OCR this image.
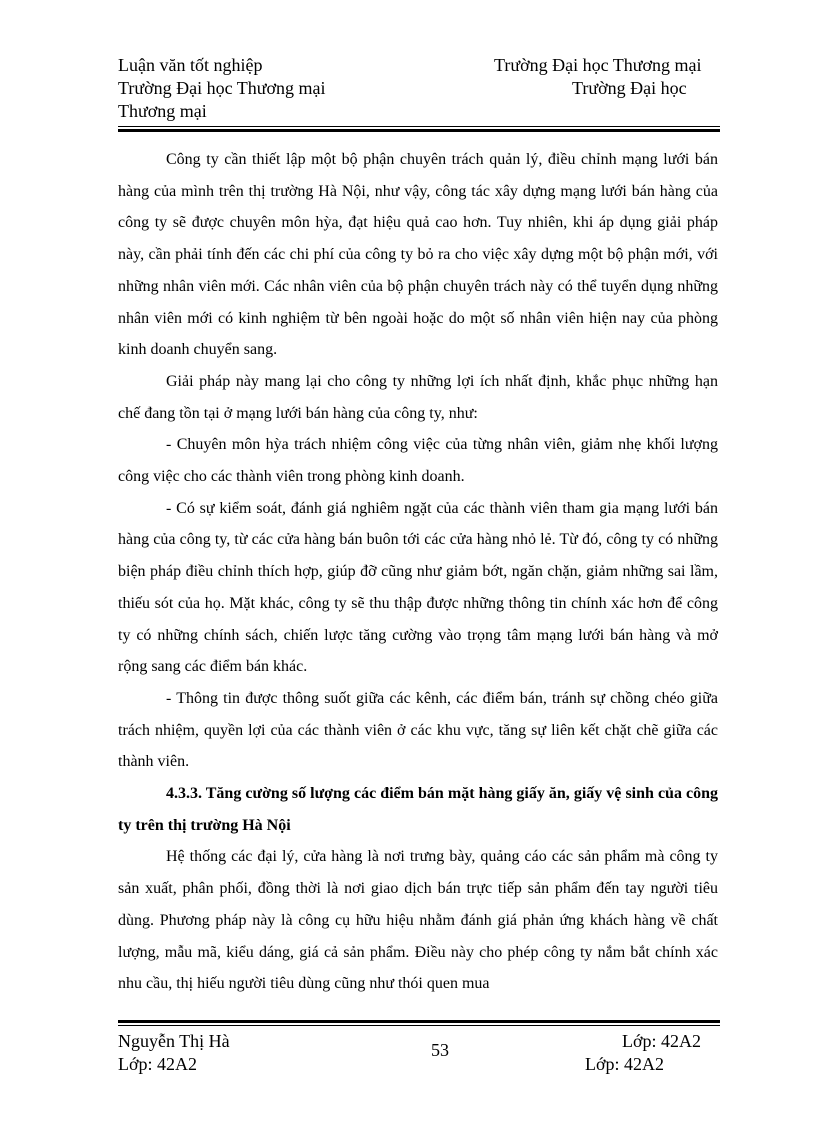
Luận văn tốt nghiệp	Trường Đại học Thương mại
Trường Đại học Thương mại	Trường Đại học
Thương mại

Công ty cần thiết lập một bộ phận chuyên trách quản lý, điều chỉnh mạng lưới bán hàng của mình trên thị trường Hà Nội, như vậy, công tác xây dựng mạng lưới bán hàng của công ty sẽ được chuyên môn hỳa, đạt hiệu quả cao hơn. Tuy nhiên, khi áp dụng giải pháp này, cần phải tính đến các chi phí của công ty bỏ ra cho việc xây dựng một bộ phận mới, với những nhân viên mới. Các nhân viên của bộ phận chuyên trách này có thể tuyển dụng những nhân viên mới có kinh nghiệm từ bên ngoài hoặc do một số nhân viên hiện nay của phòng kinh doanh chuyển sang.

Giải pháp này mang lại cho công ty những lợi ích nhất định, khắc phục những hạn chế đang tồn tại ở mạng lưới bán hàng của công ty, như:

- Chuyên môn hỳa trách nhiệm công việc của từng nhân viên, giảm nhẹ khối lượng công việc cho các thành viên trong phòng kinh doanh.

- Có sự kiểm soát, đánh giá nghiêm ngặt của các thành viên tham gia mạng lưới bán hàng của công ty, từ các cửa hàng bán buôn tới các cửa hàng nhỏ lẻ. Từ đó, công ty có những biện pháp điều chỉnh thích hợp, giúp đỡ cũng như giảm bớt, ngăn chặn, giảm những sai lầm, thiếu sót của họ. Mặt khác, công ty sẽ thu thập được những thông tin chính xác hơn để công ty có những chính sách, chiến lược tăng cường vào trọng tâm mạng lưới bán hàng và mở rộng sang các điểm bán khác.

- Thông tin được thông suốt giữa các kênh, các điểm bán, tránh sự chồng chéo giữa trách nhiệm, quyền lợi của các thành viên ở các khu vực, tăng sự liên kết chặt chẽ giữa các thành viên.

4.3.3. Tăng cường số lượng các điểm bán mặt hàng giấy ăn, giấy vệ sinh của công ty trên thị trường Hà Nội

Hệ thống các đại lý, cửa hàng là nơi trưng bày, quảng cáo các sản phẩm mà công ty sản xuất, phân phối, đồng thời là nơi giao dịch bán trực tiếp sản phẩm đến tay người tiêu dùng. Phương pháp này là công cụ hữu hiệu nhằm đánh giá phản ứng khách hàng về chất lượng, mẫu mã, kiểu dáng, giá cả sản phẩm. Điều này cho phép công ty nắm bắt chính xác nhu cầu, thị hiếu người tiêu dùng cũng như thói quen mua

Nguyễn Thị Hà	Lớp: 42A2
Lớp: 42A2	Lớp: 42A2
53
